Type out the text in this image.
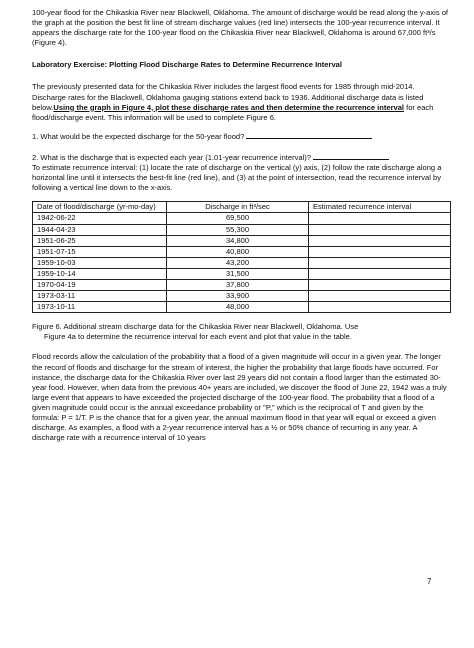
100-year flood for the Chikaskia River near Blackwell, Oklahoma. The amount of discharge would be read along the y-axis of the graph at the position the best fit line of stream discharge values (red line) intersects the 100-year recurrence interval. It appears the discharge rate for the 100-year flood on the Chikaskia River near Blackwell, Oklahoma is around 67,000 ft³/s (Figure 4).

Laboratory Exercise: Plotting Flood Discharge Rates to Determine Recurrence Interval

The previously presented data for the Chikaskia River includes the largest flood events for 1985 through mid-2014. Discharge rates for the Blackwell, Oklahoma gauging stations extend back to 1936. Additional discharge data is listed below.Using the graph in Figure 4, plot these discharge rates and then determine the recurrence interval for each flood/discharge event. This information will be used to complete Figure 6.

1. What would be the expected discharge for the 50-year flood?

2. What is the discharge that is expected each year (1.01-year recurrence interval)?
To estimate recurrence interval: (1) locate the rate of discharge on the vertical (y) axis, (2) follow the rate discharge along a horizontal line until it intersects the best-fit line (red line), and (3) at the point of intersection, read the recurrence interval by following a vertical line down to the x-axis.

Date of flood/discharge (yr-mo-day)	Discharge in ft³/sec	Estimated recurrence interval
1942-06-22	69,500	
1944-04-23	55,300	
1951-06-25	34,800	
1951-07-15	40,800	
1959-10-03	43,200	
1959-10-14	31,500	
1970-04-19	37,800	
1973-03-11	33,900	
1973-10-11	48,000	

Figure 6. Additional stream discharge data for the Chikaskia River near Blackwell, Oklahoma. Use
Figure 4a to determine the recurrence interval for each event and plot that value in the table.

Flood records allow the calculation of the probability that a flood of a given magnitude will occur in a given year. The longer the record of floods and discharge for the stream of interest, the higher the probability that large floods have occurred. For instance, the discharge data for the Chikaskia River over last 29 years did not contain a flood larger than the estimated 30-year food. However, when data from the previous 40+ years are included, we discover the flood of June 22, 1942 was a truly large event that appears to have exceeded the projected discharge of the 100-year flood. The probability that a flood of a given magnitude could occur is the annual exceedance probability or "P," which is the reciprocal of T and given by the formula: P = 1/T. P is the chance that for a given year, the annual maximum flood in that year will equal or exceed a given discharge. As examples, a flood with a 2-year recurrence interval has a ½ or 50% chance of recurring in any year. A discharge rate with a recurrence interval of 10 years

7
